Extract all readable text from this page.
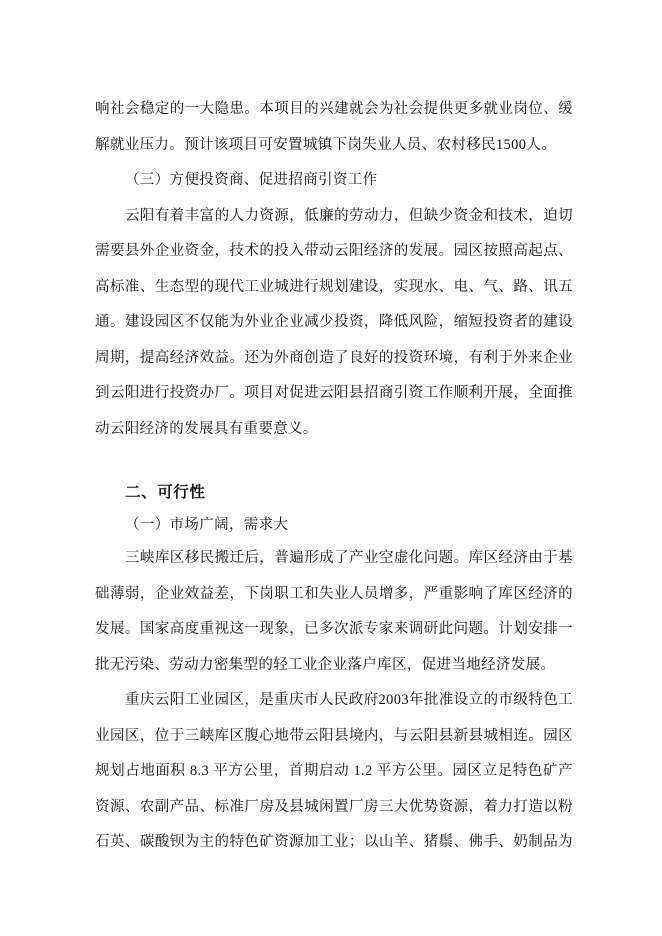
响社会稳定的一大隐患。本项目的兴建就会为社会提供更多就业岗位、缓
解就业压力。预计该项目可安置城镇下岗失业人员、农村移民1500人。
（三）方便投资商、促进招商引资工作
云阳有着丰富的人力资源，低廉的劳动力，但缺少资金和技术，迫切
需要县外企业资金，技术的投入带动云阳经济的发展。园区按照高起点、
高标准、生态型的现代工业城进行规划建设，实现水、电、气、路、讯五
通。建设园区不仅能为外业企业减少投资，降低风险，缩短投资者的建设
周期，提高经济效益。还为外商创造了良好的投资环境，有利于外来企业
到云阳进行投资办厂。项目对促进云阳县招商引资工作顺利开展，全面推
动云阳经济的发展具有重要意义。
二、可行性
（一）市场广阔，需求大
三峡库区移民搬迁后，普遍形成了产业空虚化问题。库区经济由于基
础薄弱，企业效益差，下岗职工和失业人员增多，严重影响了库区经济的
发展。国家高度重视这一现象，已多次派专家来调研此问题。计划安排一
批无污染、劳动力密集型的轻工业企业落户库区，促进当地经济发展。
重庆云阳工业园区，是重庆市人民政府2003年批准设立的市级特色工
业园区，位于三峡库区腹心地带云阳县境内，与云阳县新县城相连。园区
规划占地面积 8.3 平方公里，首期启动 1.2 平方公里。园区立足特色矿产
资源、农副产品、标准厂房及县城闲置厂房三大优势资源，着力打造以粉
石英、碳酸钡为主的特色矿资源加工业；以山羊、猪鬃、佛手、奶制品为
